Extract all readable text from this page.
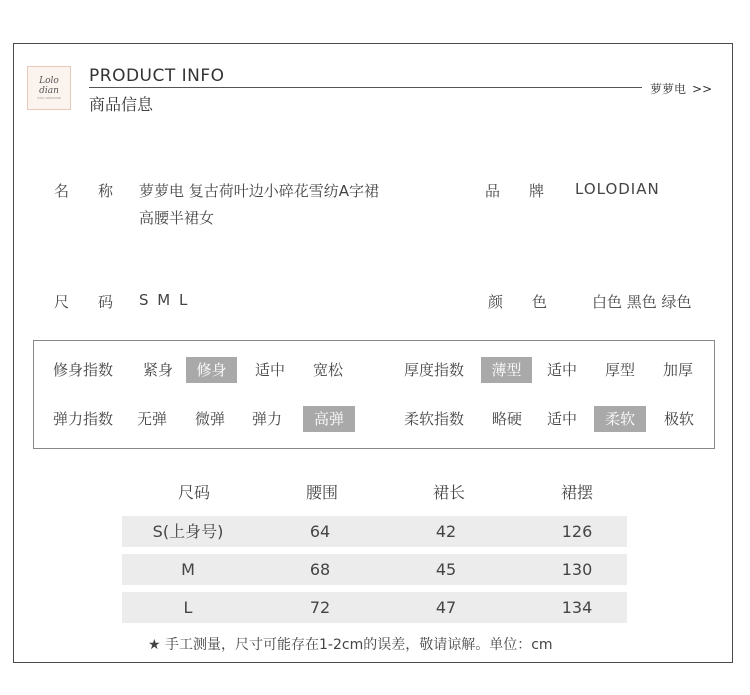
Lolo
dian
STAY AWESOME
PRODUCT INFO
商品信息
萝萝电 >>
名 称 萝萝电 复古荷叶边小碎花雪纺A字裙
高腰半裙女
品 牌 LOLODIAN
尺 码 S M L	颜 色	白色 黑色 绿色
修身指数	紧身	修身	适中	宽松	厚度指数	薄型	适中	厚型	加厚
弹力指数	无弹	微弹	弹力	高弹	柔软指数	略硬	适中	柔软	极软
尺码	腰围	裙长	裙摆
S(上身号)	64	42	126
M	68	45	130
L	72	47	134
★ 手工测量，尺寸可能存在1-2cm的误差，敬请谅解。单位：cm
